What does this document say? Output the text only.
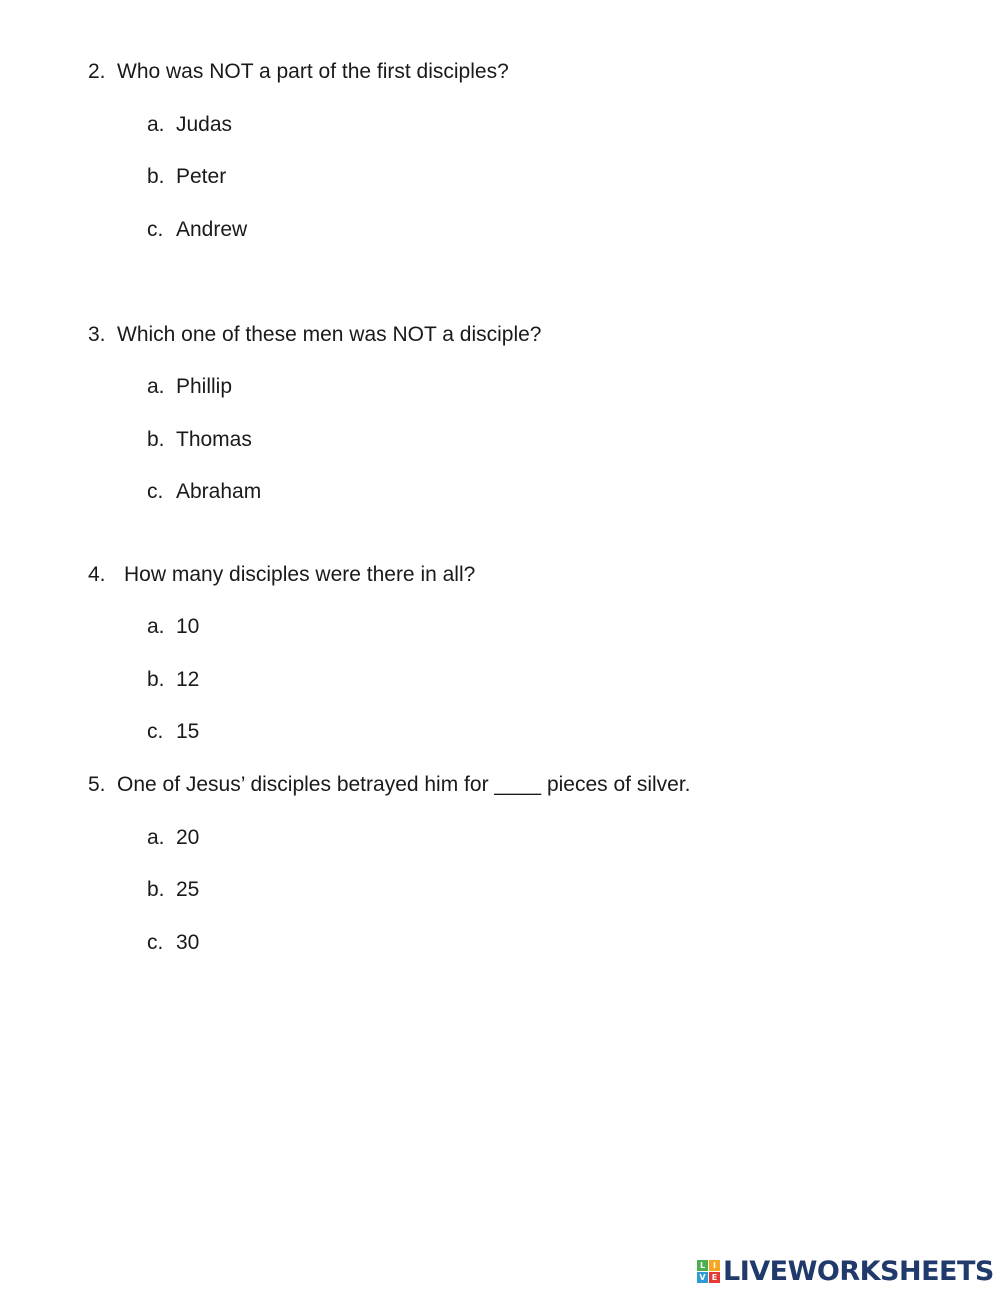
2. Who was NOT a part of the first disciples?
a. Judas
b. Peter
c. Andrew
3. Which one of these men was NOT a disciple?
a. Phillip
b. Thomas
c. Abraham
4. How many disciples were there in all?
a. 10
b. 12
c. 15
5. One of Jesus’ disciples betrayed him for ____ pieces of silver.
a. 20
b. 25
c. 30
L I
V E LIVEWORKSHEETS
